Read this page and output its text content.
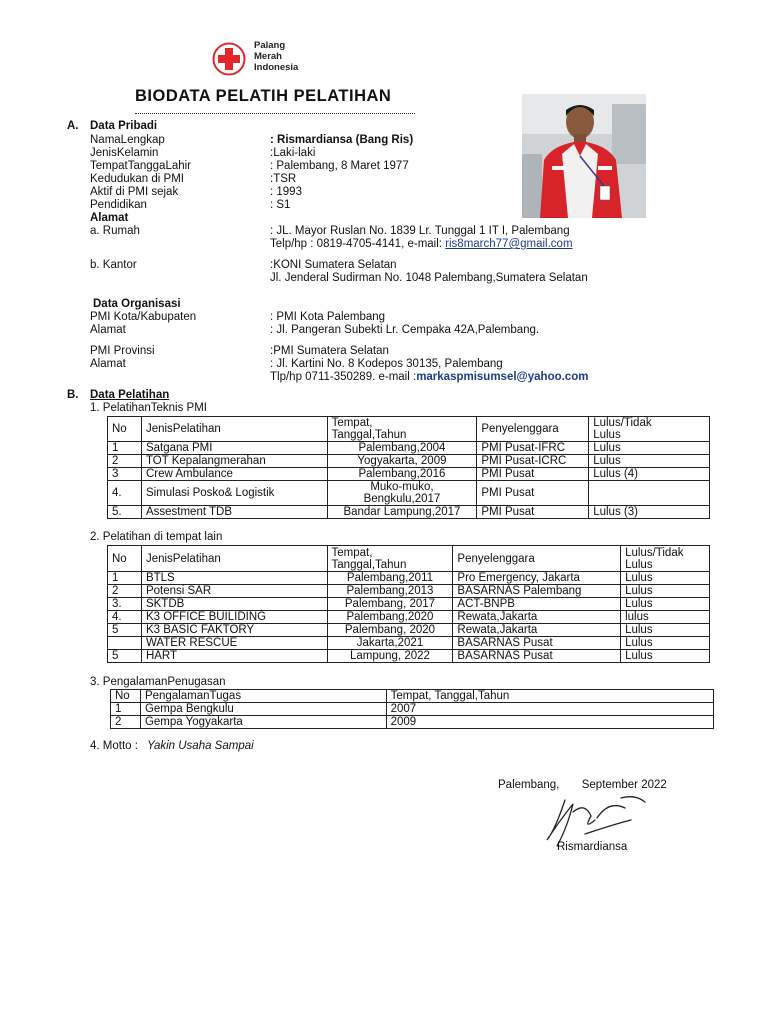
Palang
Merah
Indonesia
BIODATA PELATIH PELATIHAN
A. Data Pribadi
NamaLengkap	: Rismardiansa (Bang Ris)
JenisKelamin	:Laki-laki
TempatTanggaLahir	: Palembang, 8 Maret 1977
Kedudukan di PMI	:TSR
Aktif di PMI sejak	: 1993
Pendidikan	: S1
Alamat
a. Rumah	: JL. Mayor Ruslan No. 1839 Lr. Tunggal 1 IT I, Palembang
Telp/hp : 0819-4705-4141, e-mail: ris8march77@gmail.com
b. Kantor	:KONI Sumatera Selatan
Jl. Jenderal Sudirman No. 1048 Palembang,Sumatera Selatan
Data Organisasi
PMI Kota/Kabupaten	: PMI Kota Palembang
Alamat	: Jl. Pangeran Subekti Lr. Cempaka 42A,Palembang.
PMI Provinsi	:PMI Sumatera Selatan
Alamat	: Jl. Kartini No. 8 Kodepos 30135, Palembang
Tlp/hp 0711-350289. e-mail :markaspmisumsel@yahoo.com
B. Data Pelatihan
1. PelatihanTeknis PMI
No	JenisPelatihan	Tempat,
Tanggal,Tahun	Penyelenggara	Lulus/Tidak
Lulus
1	Satgana PMI	Palembang,2004	PMI Pusat-IFRC	Lulus
2	TOT Kepalangmerahan	Yogyakarta, 2009	PMI Pusat-ICRC	Lulus
3	Crew Ambulance	Palembang,2016	PMI Pusat	Lulus (4)
4.	Simulasi Posko& Logistik	Muko-muko,
Bengkulu,2017	PMI Pusat	
5.	Assestment TDB	Bandar Lampung,2017	PMI Pusat	Lulus (3)
2. Pelatihan di tempat lain
No	JenisPelatihan	Tempat,
Tanggal,Tahun	Penyelenggara	Lulus/Tidak
Lulus
1	BTLS	Palembang,2011	Pro Emergency, Jakarta	Lulus
2	Potensi SAR	Palembang,2013	BASARNAS Palembang	Lulus
3.	SKTDB	Palembang, 2017	ACT-BNPB	Lulus
4.	K3 OFFICE BUILIDING	Palembang,2020	Rewata,Jakarta	lulus
5	K3 BASIC FAKTORY	Palembang, 2020	Rewata,Jakarta	Lulus
	WATER RESCUE	Jakarta,2021	BASARNAS Pusat	Lulus
5	HART	Lampung, 2022	BASARNAS Pusat	Lulus
3. PengalamanPenugasan
No	PengalamanTugas	Tempat, Tanggal,Tahun
1	Gempa Bengkulu	2007
2	Gempa Yogyakarta	2009
4. Motto : Yakin Usaha Sampai
Palembang,       September 2022
Rismardiansa
